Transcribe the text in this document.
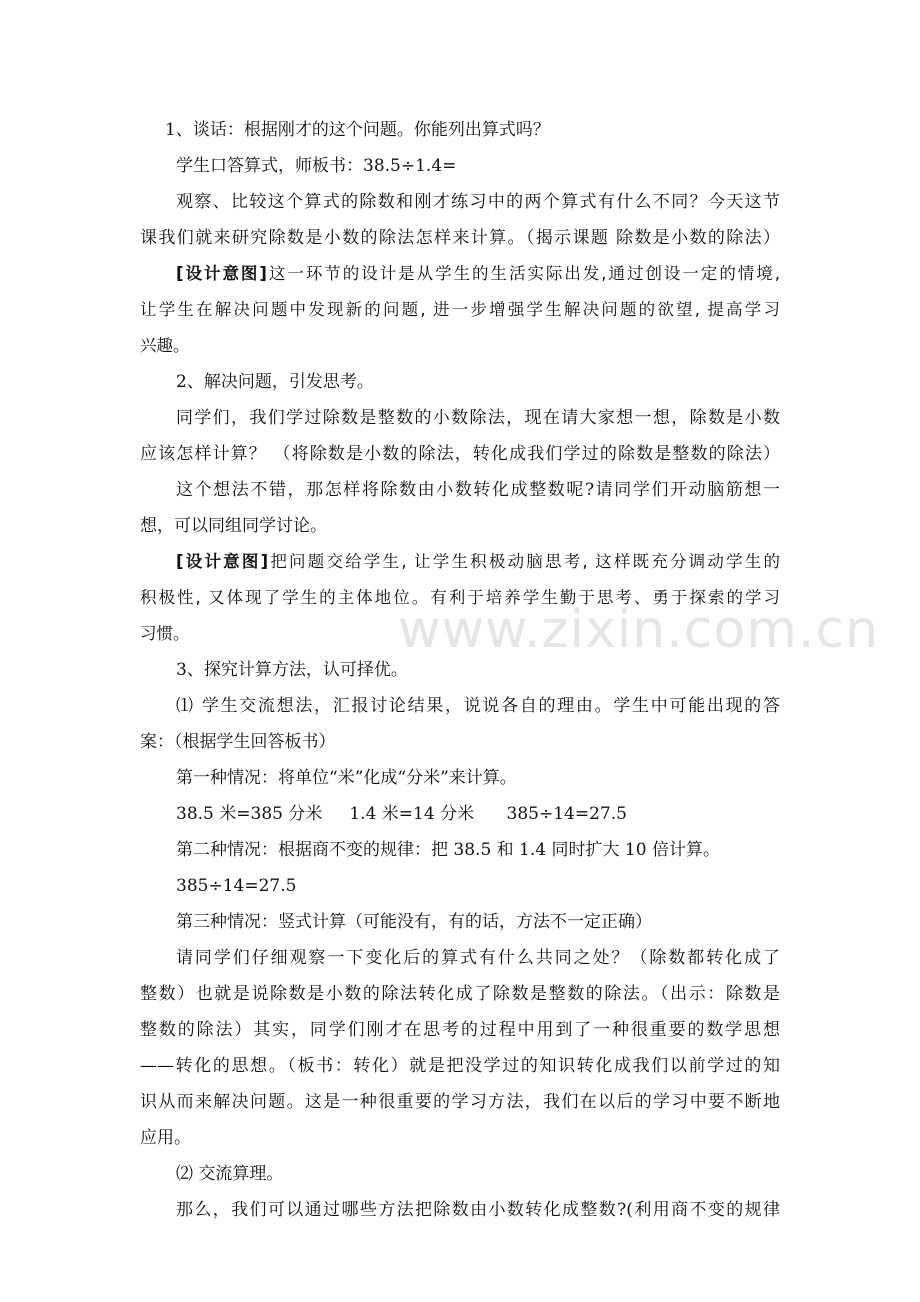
www.zixin.com.cn
1、谈话：根据刚才的这个问题。你能列出算式吗？
学生口答算式，师板书：38.5÷1.4=
观察、比较这个算式的除数和刚才练习中的两个算式有什么不同？今天这节
课我们就来研究除数是小数的除法怎样来计算。（揭示课题 除数是小数的除法）
[设计意图]这一环节的设计是从学生的生活实际出发,通过创设一定的情境,
让学生在解决问题中发现新的问题, 进一步增强学生解决问题的欲望, 提高学习
兴趣。
2、解决问题，引发思考。
同学们，我们学过除数是整数的小数除法，现在请大家想一想，除数是小数
应该怎样计算？ （将除数是小数的除法，转化成我们学过的除数是整数的除法）
这个想法不错，那怎样将除数由小数转化成整数呢?请同学们开动脑筋想一
想，可以同组同学讨论。
[设计意图]把问题交给学生, 让学生积极动脑思考, 这样既充分调动学生的
积极性, 又体现了学生的主体地位。有利于培养学生勤于思考、勇于探索的学习
习惯。
3、探究计算方法，认可择优。
⑴ 学生交流想法，汇报讨论结果，说说各自的理由。学生中可能出现的答
案：（根据学生回答板书）
第一种情况：将单位“米”化成“分米”来计算。
38.5 米=385 分米     1.4 米=14 分米      385÷14=27.5
第二种情况：根据商不变的规律：把 38.5 和 1.4 同时扩大 10 倍计算。
385÷14=27.5
第三种情况：竖式计算（可能没有，有的话，方法不一定正确）
请同学们仔细观察一下变化后的算式有什么共同之处？（除数都转化成了
整数）也就是说除数是小数的除法转化成了除数是整数的除法。（出示：除数是
整数的除法）其实，同学们刚才在思考的过程中用到了一种很重要的数学思想
——转化的思想。（板书：转化）就是把没学过的知识转化成我们以前学过的知
识从而来解决问题。这是一种很重要的学习方法，我们在以后的学习中要不断地
应用。
⑵ 交流算理。
那么，我们可以通过哪些方法把除数由小数转化成整数?(利用商不变的规律
